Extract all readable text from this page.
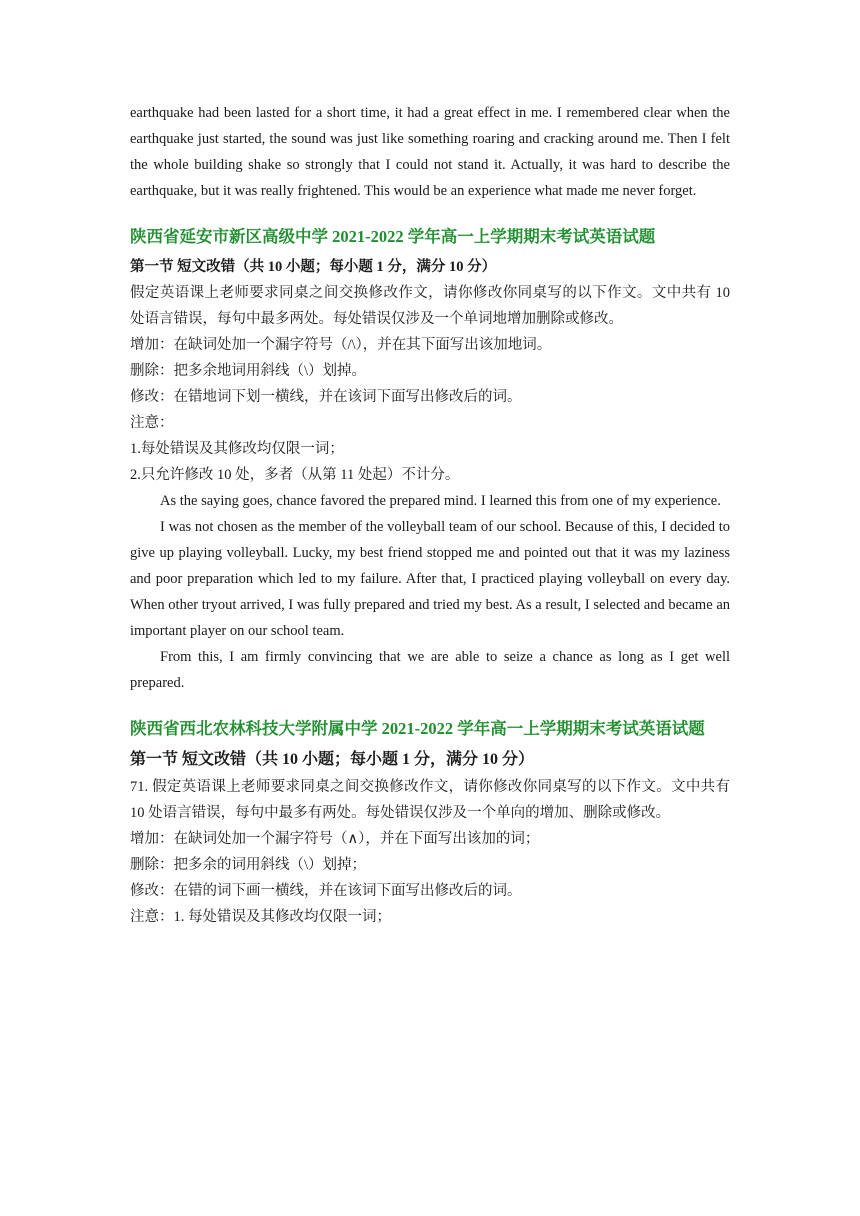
earthquake had been lasted for a short time, it had a great effect in me. I remembered clear when the earthquake just started, the sound was just like something roaring and cracking around me. Then I felt the whole building shake so strongly that I could not stand it. Actually, it was hard to describe the earthquake, but it was really frightened. This would be an experience what made me never forget.

陕西省延安市新区高级中学 2021-2022 学年高一上学期期末考试英语试题

第一节 短文改错（共 10 小题；每小题 1 分，满分 10 分）

假定英语课上老师要求同桌之间交换修改作文，请你修改你同桌写的以下作文。文中共有 10 处语言错误，每句中最多两处。每处错误仅涉及一个单词地增加删除或修改。

增加：在缺词处加一个漏字符号（/\），并在其下面写出该加地词。

删除：把多余地词用斜线（\）划掉。

修改：在错地词下划一横线，并在该词下面写出修改后的词。

注意：

1.每处错误及其修改均仅限一词；

2.只允许修改 10 处，多者（从第 11 处起）不计分。

As the saying goes, chance favored the prepared mind. I learned this from one of my experience.

I was not chosen as the member of the volleyball team of our school. Because of this, I decided to give up playing volleyball. Lucky, my best friend stopped me and pointed out that it was my laziness and poor preparation which led to my failure. After that, I practiced playing volleyball on every day. When other tryout arrived, I was fully prepared and tried my best. As a result, I selected and became an important player on our school team.

From this, I am firmly convincing that we are able to seize a chance as long as I get well prepared.

陕西省西北农林科技大学附属中学 2021-2022 学年高一上学期期末考试英语试题

第一节 短文改错（共 10 小题；每小题 1 分，满分 10 分）

71. 假定英语课上老师要求同桌之间交换修改作文，请你修改你同桌写的以下作文。文中共有 10 处语言错误，每句中最多有两处。每处错误仅涉及一个单向的增加、删除或修改。

增加：在缺词处加一个漏字符号（∧），并在下面写出该加的词；

删除：把多余的词用斜线（\）划掉；

修改：在错的词下画一横线，并在该词下面写出修改后的词。

注意：1. 每处错误及其修改均仅限一词；
